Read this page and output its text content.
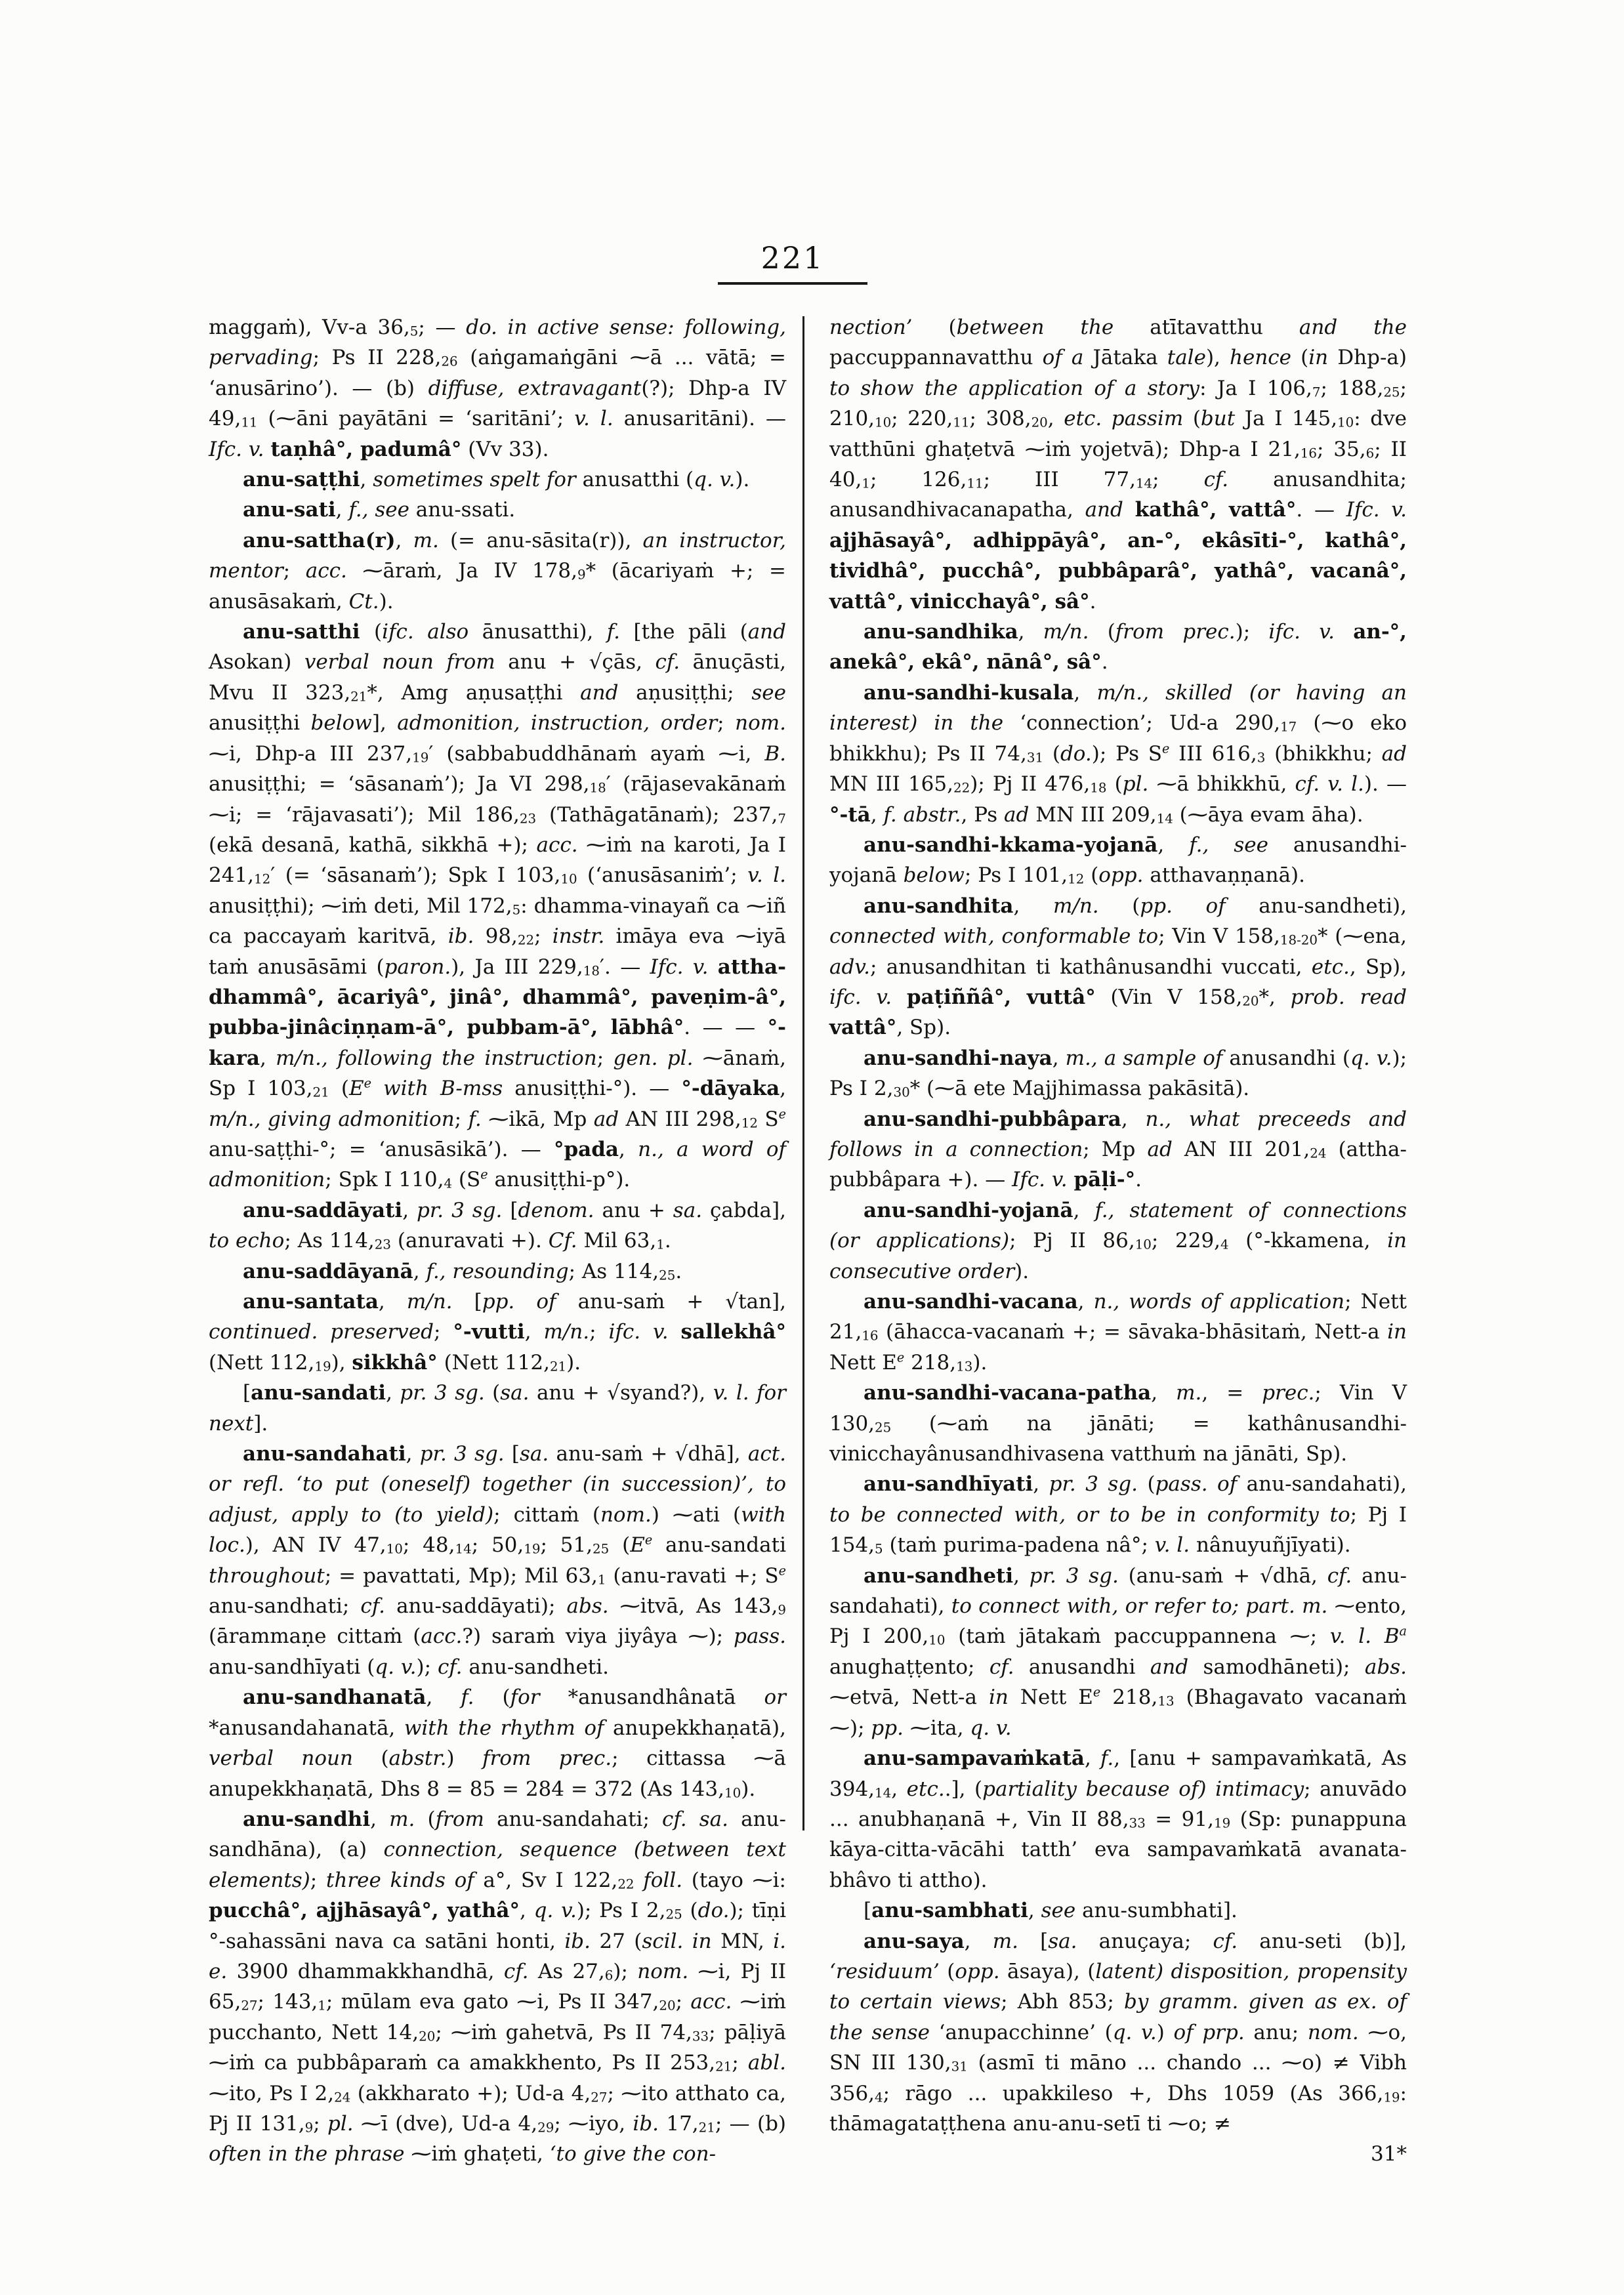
221

maggaṁ), Vv-a $36,_5$; — do. in active sense: following, pervading; Ps II $228,_{26}$ (aṅgamaṅgāni ⁓ā ... vātā; = ‘anusārino’). — (b) diffuse, extravagant(?); Dhp-a IV $49,_{11}$ (⁓āni payātāni = ‘saritāni’; v. l. anusaritāni). — Ifc. v. taṇhâ°, padumâ° (Vv 33).

anu-saṭṭhi, sometimes spelt for anusatthi (q. v.).

anu-sati, f., see anu-ssati.

anu-sattha(r), m. (= anu-sāsita(r)), an instructor, mentor; acc. ⁓āraṁ, Ja IV $178,_9*$ (ācariyaṁ +; = anusāsakaṁ, Ct.).

anu-satthi (ifc. also ānusatthi), f. [the pāli (and Asokan) verbal noun from anu + √çās, cf. ānuçāsti, Mvu II $323,_{21}*$, Amg aṇusaṭṭhi and aṇusiṭṭhi; see anusiṭṭhi below], admonition, instruction, order; nom. ⁓i, Dhp-a III $237,_{19}'$ (sabbabuddhānaṁ ayaṁ ⁓i, B. anusiṭṭhi; = ‘sāsanaṁ’); Ja VI $298,_{18}'$ (rājasevakānaṁ ⁓i; = ‘rājavasati’); Mil $186,_{23}$ (Tathāgatānaṁ); $237,_7$ (ekā desanā, kathā, sikkhā +); acc. ⁓iṁ na karoti, Ja I $241,_{12}'$ (= ‘sāsanaṁ’); Spk I $103,_{10}$ (‘anusāsaniṁ’; v. l. anusiṭṭhi); ⁓iṁ deti, Mil $172,_5$: dhamma-vinayañ ca ⁓iñ ca paccayaṁ karitvā, ib. $98,_{22}$; instr. imāya eva ⁓iyā taṁ anusāsāmi (paron.), Ja III $229,_{18}'$. — Ifc. v. attha-dhammâ°, ācariyâ°, jinâ°, dhammâ°, paveṇim-â°, pubba-jinâciṇṇam-ā°, pubbam-ā°, lābhâ°. — — °-kara, m/n., following the instruction; gen. pl. ⁓ānaṁ, Sp I $103,_{21}$ ($E^e$ with B-mss anusiṭṭhi-°). — °-dāyaka, m/n., giving admonition; f. ⁓ikā, Mp ad AN III $298,_{12}$ $S^e$ anu-saṭṭhi-°; = ‘anusāsikā’). — °pada, n., a word of admonition; Spk I $110,_4$ ($S^e$ anusiṭṭhi-p°).

anu-saddāyati, pr. 3 sg. [denom. anu + sa. çabda], to echo; As $114,_{23}$ (anuravati +). Cf. Mil $63,_1$.

anu-saddāyanā, f., resounding; As $114,_{25}$.

anu-santata, m/n. [pp. of anu-saṁ + √tan], continued. preserved; °-vutti, m/n.; ifc. v. sallekhâ° (Nett $112,_{19}$), sikkhâ° (Nett $112,_{21}$).

[anu-sandati, pr. 3 sg. (sa. anu + √syand?), v. l. for next].

anu-sandahati, pr. 3 sg. [sa. anu-saṁ + √dhā], act. or refl. ‘to put (oneself) together (in succession)’, to adjust, apply to (to yield); cittaṁ (nom.) ⁓ati (with loc.), AN IV $47,_{10}$; $48,_{14}$; $50,_{19}$; $51,_{25}$ ($E^e$ anu-sandati throughout; = pavattati, Mp); Mil $63,_1$ (anu-ravati +; $S^e$ anu-sandhati; cf. anu-saddāyati); abs. ⁓itvā, As $143,_9$ (ārammaṇe cittaṁ (acc.?) saraṁ viya jiyâya ⁓); pass. anu-sandhīyati (q. v.); cf. anu-sandheti.

anu-sandhanatā, f. (for *anusandhânatā or *anusandahanatā, with the rhythm of anupekkhaṇatā), verbal noun (abstr.) from prec.; cittassa ⁓ā anupekkhaṇatā, Dhs 8 = 85 = 284 = 372 (As $143,_{10}$).

anu-sandhi, m. (from anu-sandahati; cf. sa. anu-sandhāna), (a) connection, sequence (between text elements); three kinds of a°, Sv I $122,_{22}$ foll. (tayo ⁓i: pucchâ°, ajjhāsayâ°, yathâ°, q. v.); Ps I $2,_{25}$ (do.); tīṇi °-sahassāni nava ca satāni honti, ib. 27 (scil. in MN, i. e. 3900 dhammakkhandhā, cf. As $27,_6$); nom. ⁓i, Pj II $65,_{27}$; $143,_1$; mūlam eva gato ⁓i, Ps II $347,_{20}$; acc. ⁓iṁ pucchanto, Nett $14,_{20}$; ⁓iṁ gahetvā, Ps II $74,_{33}$; pāḷiyā ⁓iṁ ca pubbâparaṁ ca amakkhento, Ps II $253,_{21}$; abl. ⁓ito, Ps I $2,_{24}$ (akkharato +); Ud-a $4,_{27}$; ⁓ito atthato ca, Pj II $131,_9$; pl. ⁓ī (dve), Ud-a $4,_{29}$; ⁓iyo, ib. $17,_{21}$; — (b) often in the phrase ⁓iṁ ghaṭeti, ‘to give the con-

nection’ (between the atītavatthu and the paccuppannavatthu of a Jātaka tale), hence (in Dhp-a) to show the application of a story: Ja I $106,_7$; $188,_{25}$; $210,_{10}$; $220,_{11}$; $308,_{20}$, etc. passim (but Ja I $145,_{10}$: dve vatthūni ghaṭetvā ⁓iṁ yojetvā); Dhp-a I $21,_{16}$; $35,_6$; II $40,_1$; $126,_{11}$; III $77,_{14}$; cf. anusandhita; anusandhivacanapatha, and kathâ°, vattâ°. — Ifc. v. ajjhāsayâ°, adhippāyâ°, an-°, ekâsīti-°, kathâ°, tividhâ°, pucchâ°, pubbâparâ°, yathâ°, vacanâ°, vattâ°, vinicchayâ°, sâ°.

anu-sandhika, m/n. (from prec.); ifc. v. an-°, anekâ°, ekâ°, nānâ°, sâ°.

anu-sandhi-kusala, m/n., skilled (or having an interest) in the ‘connection’; Ud-a $290,_{17}$ (⁓o eko bhikkhu); Ps II $74,_{31}$ (do.); Ps $S^e$ III $616,_3$ (bhikkhu; ad MN III $165,_{22}$); Pj II $476,_{18}$ (pl. ⁓ā bhikkhū, cf. v. l.). — °-tā, f. abstr., Ps ad MN III $209,_{14}$ (⁓āya evam āha).

anu-sandhi-kkama-yojanā, f., see anusandhi-yojanā below; Ps I $101,_{12}$ (opp. atthavaṇṇanā).

anu-sandhita, m/n. (pp. of anu-sandheti), connected with, conformable to; Vin V $158,_{18-20}*$ (⁓ena, adv.; anusandhitan ti kathânusandhi vuccati, etc., Sp), ifc. v. paṭiññâ°, vuttâ° (Vin V $158,_{20}*$, prob. read vattâ°, Sp).

anu-sandhi-naya, m., a sample of anusandhi (q. v.); Ps I $2,_{30}*$ (⁓ā ete Majjhimassa pakāsitā).

anu-sandhi-pubbâpara, n., what preceeds and follows in a connection; Mp ad AN III $201,_{24}$ (attha-pubbâpara +). — Ifc. v. pāḷi-°.

anu-sandhi-yojanā, f., statement of connections (or applications); Pj II $86,_{10}$; $229,_4$ (°-kkamena, in consecutive order).

anu-sandhi-vacana, n., words of application; Nett $21,_{16}$ (āhacca-vacanaṁ +; = sāvaka-bhāsitaṁ, Nett-a in Nett $E^e$ $218,_{13}$).

anu-sandhi-vacana-patha, m., = prec.; Vin V $130,_{25}$ (⁓aṁ na jānāti; = kathânusandhi-vinicchayânusandhivasena vatthuṁ na jānāti, Sp).

anu-sandhīyati, pr. 3 sg. (pass. of anu-sandahati), to be connected with, or to be in conformity to; Pj I $154,_5$ (taṁ purima-padena nâ°; v. l. nânuyuñjīyati).

anu-sandheti, pr. 3 sg. (anu-saṁ + √dhā, cf. anu-sandahati), to connect with, or refer to; part. m. ⁓ento, Pj I $200,_{10}$ (taṁ jātakaṁ paccuppannena ⁓; v. l. $B^a$ anughaṭṭento; cf. anusandhi and samodhāneti); abs. ⁓etvā, Nett-a in Nett $E^e$ $218,_{13}$ (Bhagavato vacanaṁ ⁓); pp. ⁓ita, q. v.

anu-sampavaṁkatā, f., [anu + sampavaṁkatā, As $394,_{14}$, etc..], (partiality because of) intimacy; anuvādo ... anubhaṇanā +, Vin II $88,_{33} = 91,_{19}$ (Sp: punappuna kāya-citta-vācāhi tatth’ eva sampavaṁkatā avanata-bhâvo ti attho).

[anu-sambhati, see anu-sumbhati].

anu-saya, m. [sa. anuçaya; cf. anu-seti (b)], ‘residuum’ (opp. āsaya), (latent) disposition, propensity to certain views; Abh 853; by gramm. given as ex. of the sense ‘anupacchinne’ (q. v.) of prp. anu; nom. ⁓o, SN III $130,_{31}$ (asmī ti māno ... chando ... ⁓o) ≠ Vibh $356,_4$; rāgo ... upakkileso +, Dhs 1059 (As $366,_{19}$: thāmagataṭṭhena anu-anu-setī ti ⁓o; ≠

31*
